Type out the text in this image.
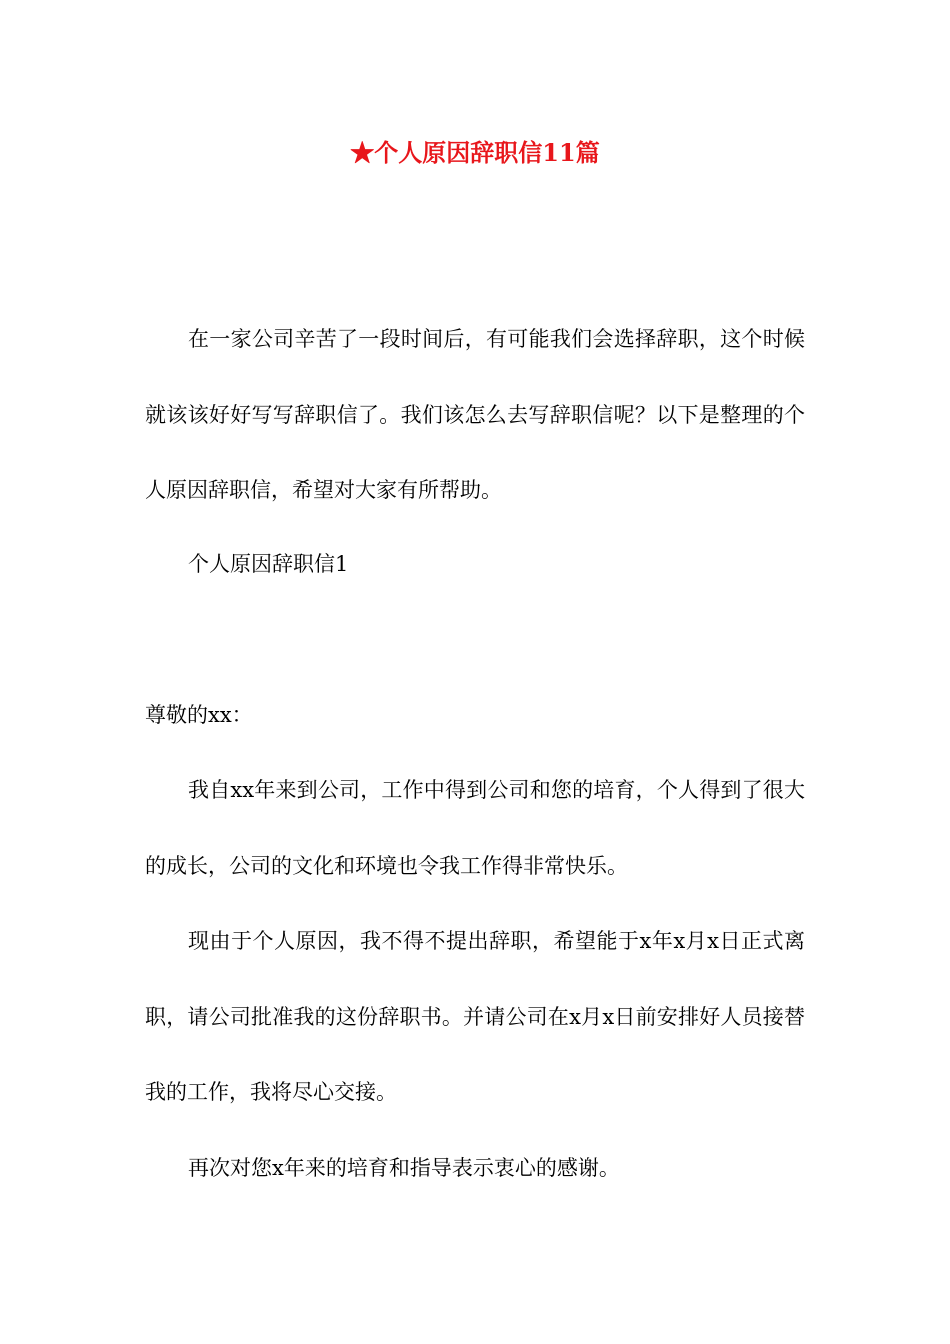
★个人原因辞职信11篇

在一家公司辛苦了一段时间后，有可能我们会选择辞职，这个时候就该该好好写写辞职信了。我们该怎么去写辞职信呢？以下是整理的个人原因辞职信，希望对大家有所帮助。

个人原因辞职信1

尊敬的xx：

我自xx年来到公司，工作中得到公司和您的培育，个人得到了很大的成长，公司的文化和环境也令我工作得非常快乐。

现由于个人原因，我不得不提出辞职，希望能于x年x月x日正式离职，请公司批准我的这份辞职书。并请公司在x月x日前安排好人员接替我的工作，我将尽心交接。

再次对您x年来的培育和指导表示衷心的感谢。
